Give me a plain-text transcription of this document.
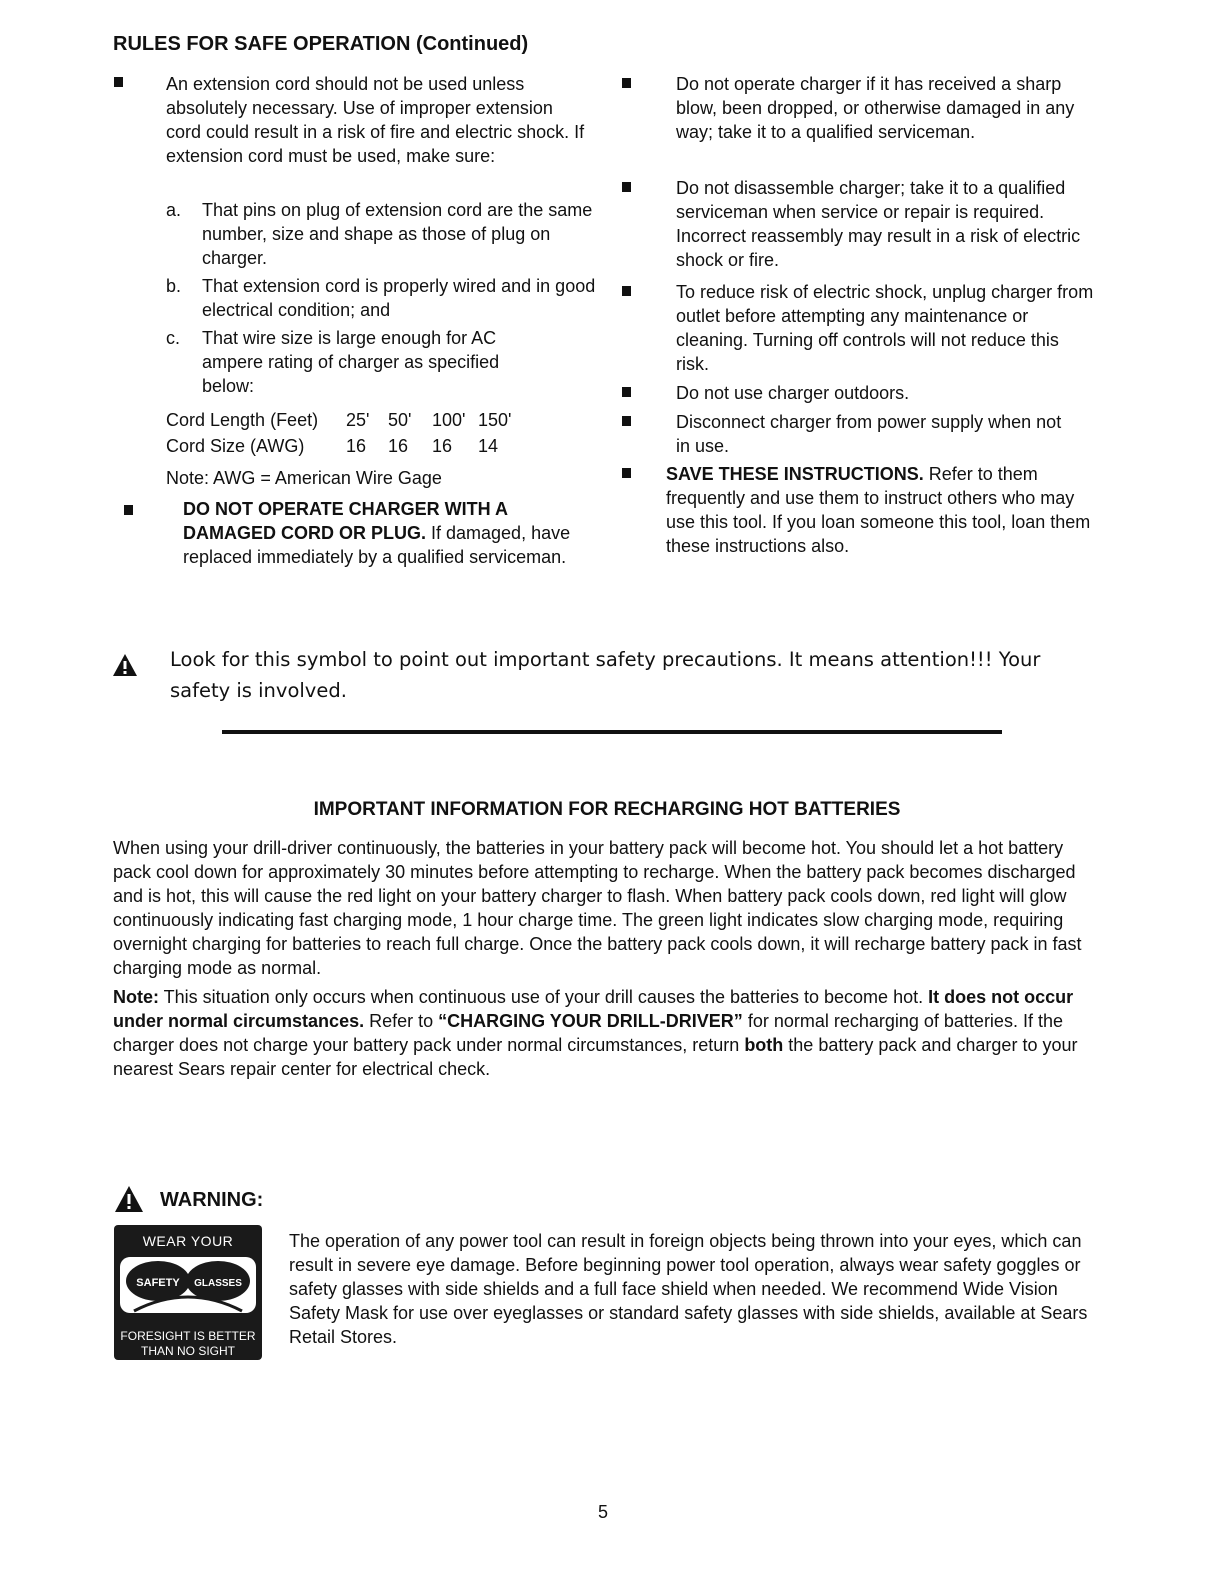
RULES FOR SAFE OPERATION (Continued)
An extension cord should not be used unless absolutely necessary. Use of improper extension cord could result in a risk of fire and electric shock. If extension cord must be used, make sure:
a.	That pins on plug of extension cord are the same number, size and shape as those of plug on charger.
b.	That extension cord is properly wired and in good electrical condition; and
c.	That wire size is large enough for AC ampere rating of charger as specified below:
Cord Length (Feet)	25'	50'	100'	150'
Cord Size (AWG)	16	16	16	14
Note: AWG = American Wire Gage
DO NOT OPERATE CHARGER WITH A DAMAGED CORD OR PLUG. If damaged, have replaced immediately by a qualified serviceman.
Do not operate charger if it has received a sharp blow, been dropped, or otherwise damaged in any way; take it to a qualified serviceman.
Do not disassemble charger; take it to a qualified serviceman when service or repair is required. Incorrect reassembly may result in a risk of electric shock or fire.
To reduce risk of electric shock, unplug charger from outlet before attempting any maintenance or cleaning. Turning off controls will not reduce this risk.
Do not use charger outdoors.
Disconnect charger from power supply when not in use.
SAVE THESE INSTRUCTIONS. Refer to them frequently and use them to instruct others who may use this tool. If you loan someone this tool, loan them these instructions also.
Look for this symbol to point out important safety precautions. It means attention!!! Your safety is involved.
IMPORTANT INFORMATION FOR RECHARGING HOT BATTERIES
When using your drill-driver continuously, the batteries in your battery pack will become hot. You should let a hot battery pack cool down for approximately 30 minutes before attempting to recharge. When the battery pack becomes discharged and is hot, this will cause the red light on your battery charger to flash. When battery pack cools down, red light will glow continuously indicating fast charging mode, 1 hour charge time. The green light indicates slow charging mode, requiring overnight charging for batteries to reach full charge. Once the battery pack cools down, it will recharge battery pack in fast charging mode as normal.
Note: This situation only occurs when continuous use of your drill causes the batteries to become hot. It does not occur under normal circumstances. Refer to “CHARGING YOUR DRILL-DRIVER” for normal recharging of batteries. If the charger does not charge your battery pack under normal circumstances, return both the battery pack and charger to your nearest Sears repair center for electrical check.
WARNING:
WEAR YOUR
SAFETY GLASSES
FORESIGHT IS BETTER
THAN NO SIGHT
The operation of any power tool can result in foreign objects being thrown into your eyes, which can result in severe eye damage. Before beginning power tool operation, always wear safety goggles or safety glasses with side shields and a full face shield when needed. We recommend Wide Vision Safety Mask for use over eyeglasses or standard safety glasses with side shields, available at Sears Retail Stores.
5
